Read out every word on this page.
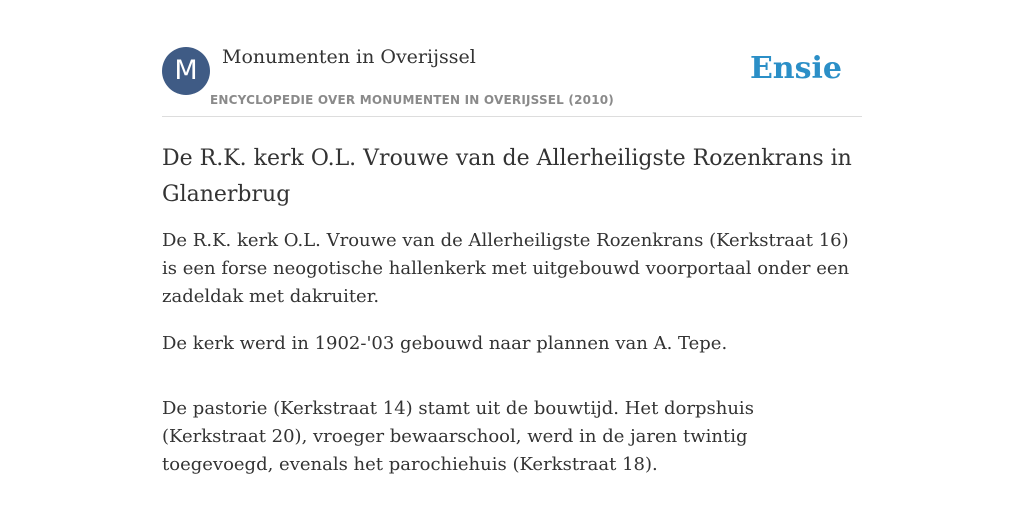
M	Monumenten in Overijssel
ENCYCLOPEDIE OVER MONUMENTEN IN OVERIJSSEL (2010)
Ensie
De R.K. kerk O.L. Vrouwe van de Allerheiligste Rozenkrans in Glanerbrug

De R.K. kerk O.L. Vrouwe van de Allerheiligste Rozenkrans (Kerkstraat 16) is een forse neogotische hallenkerk met uitgebouwd voorportaal onder een zadeldak met dakruiter.

De kerk werd in 1902-'03 gebouwd naar plannen van A. Tepe.

De pastorie (Kerkstraat 14) stamt uit de bouwtijd. Het dorpshuis (Kerkstraat 20), vroeger bewaarschool, werd in de jaren twintig toegevoegd, evenals het parochiehuis (Kerkstraat 18).
